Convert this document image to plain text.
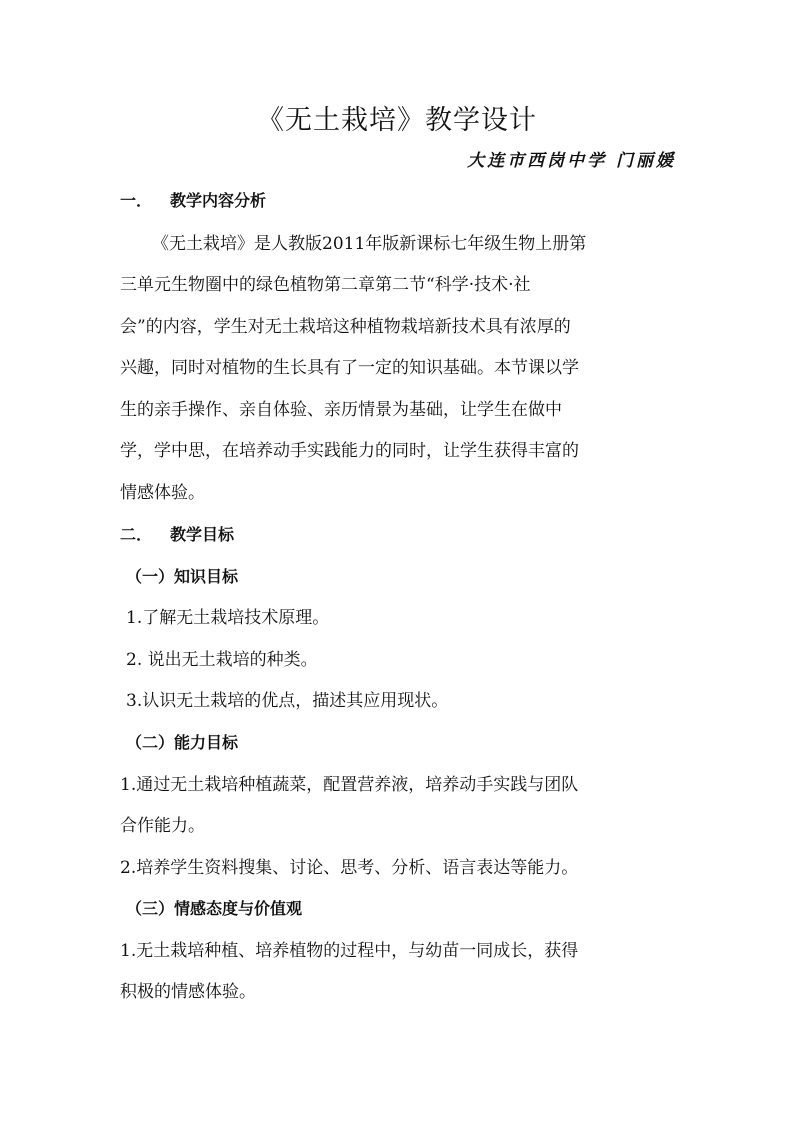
《无土栽培》教学设计
大连市西岗中学 门丽媛
一． 教学内容分析
《无土栽培》是人教版2011年版新课标七年级生物上册第
三单元生物圈中的绿色植物第二章第二节“科学·技术·社
会”的内容，学生对无土栽培这种植物栽培新技术具有浓厚的
兴趣，同时对植物的生长具有了一定的知识基础。本节课以学
生的亲手操作、亲自体验、亲历情景为基础，让学生在做中
学，学中思，在培养动手实践能力的同时，让学生获得丰富的
情感体验。
二． 教学目标
（一）知识目标
1.了解无土栽培技术原理。
2. 说出无土栽培的种类。
3.认识无土栽培的优点，描述其应用现状。
（二）能力目标
1.通过无土栽培种植蔬菜，配置营养液，培养动手实践与团队
合作能力。
2.培养学生资料搜集、讨论、思考、分析、语言表达等能力。
（三）情感态度与价值观
1.无土栽培种植、培养植物的过程中，与幼苗一同成长，获得
积极的情感体验。
